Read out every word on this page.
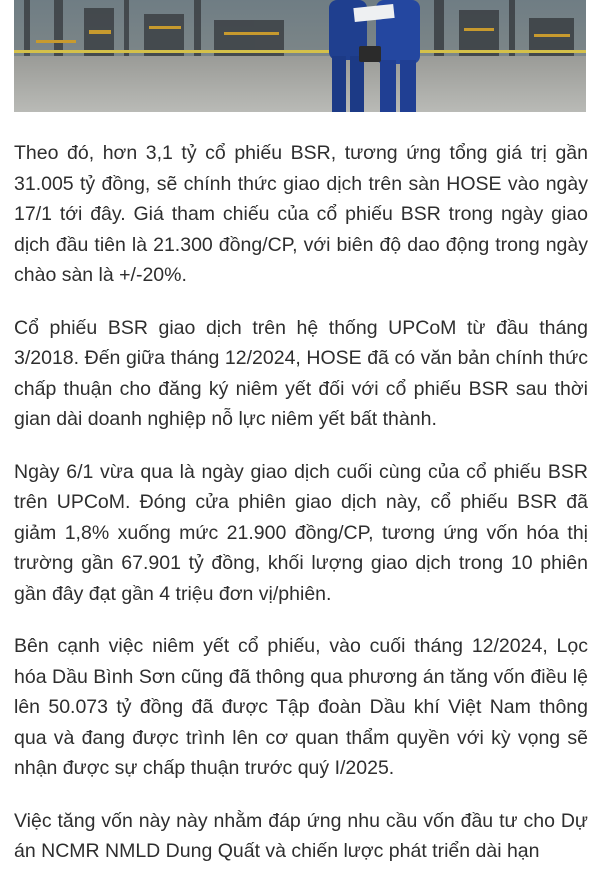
Theo đó, hơn 3,1 tỷ cổ phiếu BSR, tương ứng tổng giá trị gần 31.005 tỷ đồng, sẽ chính thức giao dịch trên sàn HOSE vào ngày 17/1 tới đây. Giá tham chiếu của cổ phiếu BSR trong ngày giao dịch đầu tiên là 21.300 đồng/CP, với biên độ dao động trong ngày chào sàn là +/-20%.

Cổ phiếu BSR giao dịch trên hệ thống UPCoM từ đầu tháng 3/2018. Đến giữa tháng 12/2024, HOSE đã có văn bản chính thức chấp thuận cho đăng ký niêm yết đối với cổ phiếu BSR sau thời gian dài doanh nghiệp nỗ lực niêm yết bất thành.

Ngày 6/1 vừa qua là ngày giao dịch cuối cùng của cổ phiếu BSR trên UPCoM. Đóng cửa phiên giao dịch này, cổ phiếu BSR đã giảm 1,8% xuống mức 21.900 đồng/CP, tương ứng vốn hóa thị trường gần 67.901 tỷ đồng, khối lượng giao dịch trong 10 phiên gần đây đạt gần 4 triệu đơn vị/phiên.

Bên cạnh việc niêm yết cổ phiếu, vào cuối tháng 12/2024, Lọc hóa Dầu Bình Sơn cũng đã thông qua phương án tăng vốn điều lệ lên 50.073 tỷ đồng đã được Tập đoàn Dầu khí Việt Nam thông qua và đang được trình lên cơ quan thẩm quyền với kỳ vọng sẽ nhận được sự chấp thuận trước quý I/2025.

Việc tăng vốn này này nhằm đáp ứng nhu cầu vốn đầu tư cho Dự án NCMR NMLD Dung Quất và chiến lược phát triển dài hạn
